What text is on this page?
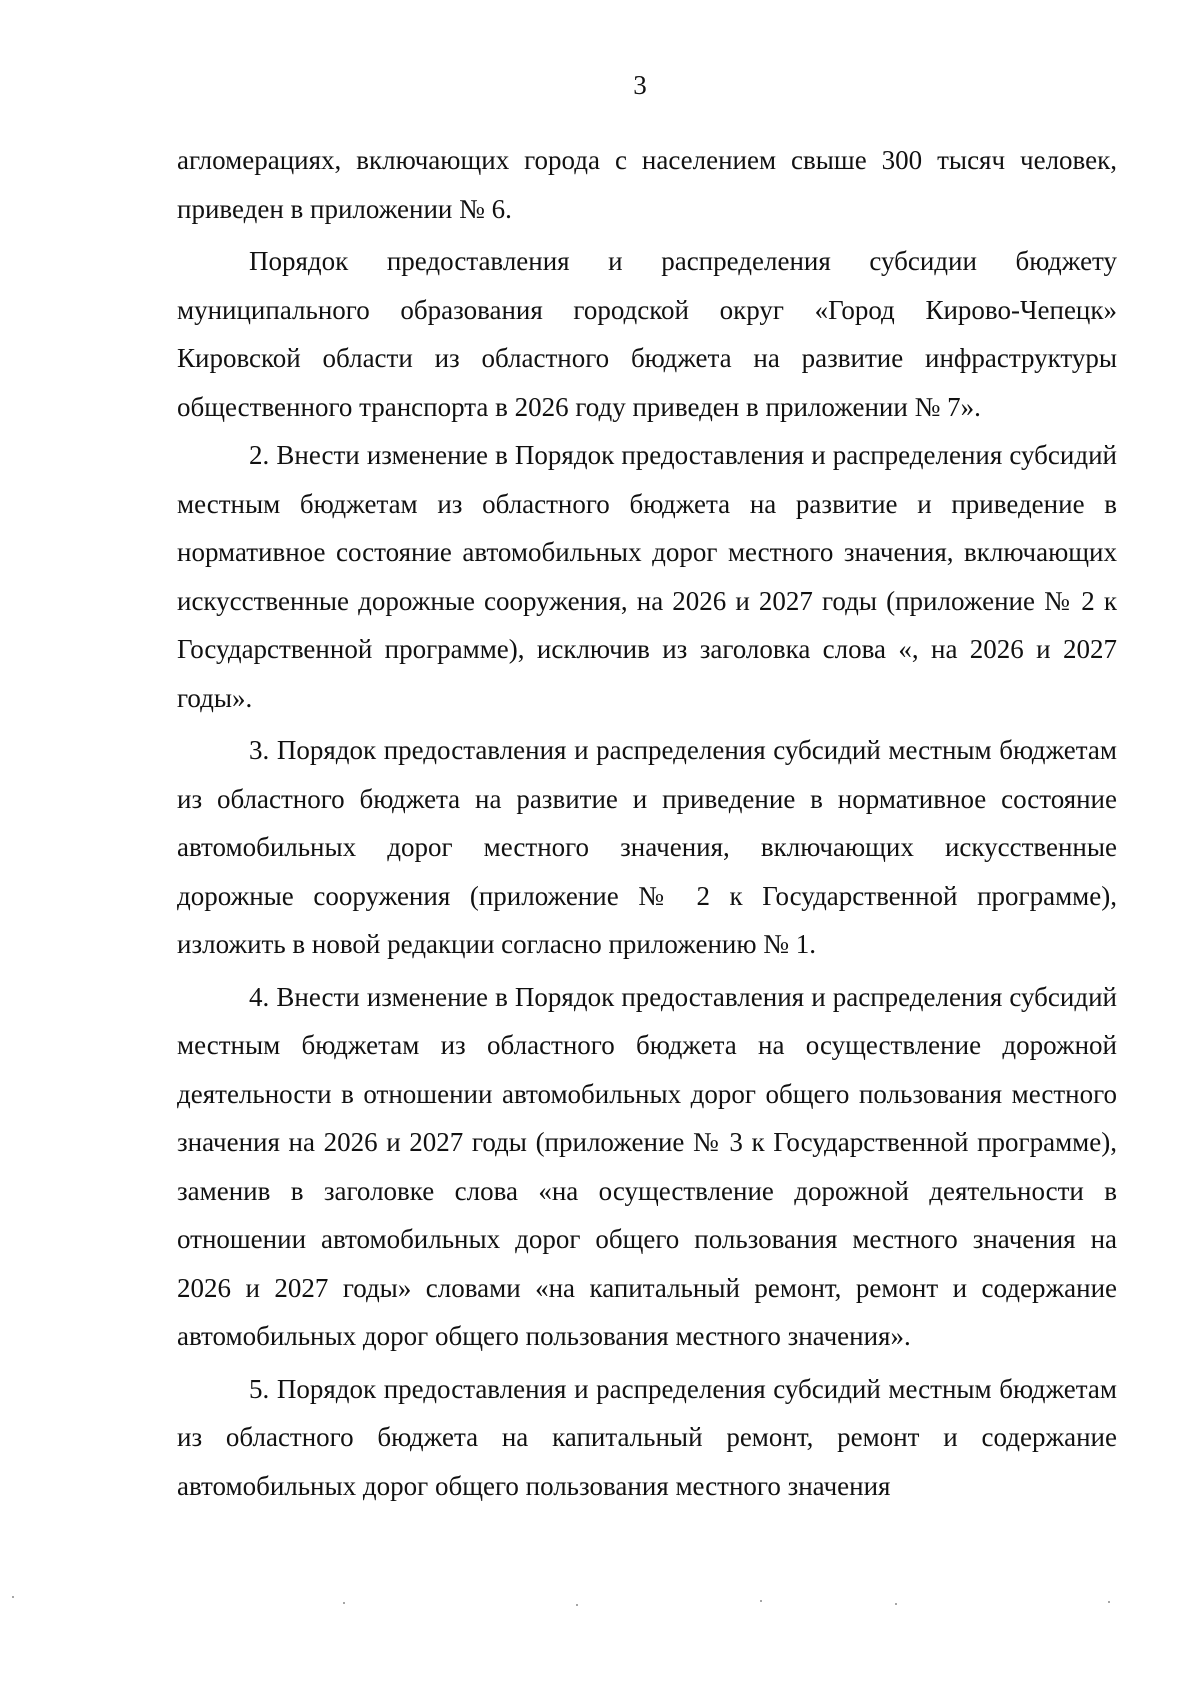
3

агломерациях, включающих города с населением свыше 300 тысяч человек, приведен в приложении № 6.

Порядок предоставления и распределения субсидии бюджету муниципального образования городской округ «Город Кирово-Чепецк» Кировской области из областного бюджета на развитие инфраструктуры общественного транспорта в 2026 году приведен в приложении № 7».

2. Внести изменение в Порядок предоставления и распределения субсидий местным бюджетам из областного бюджета на развитие и приведение в нормативное состояние автомобильных дорог местного значения, включающих искусственные дорожные сооружения, на 2026 и 2027 годы (приложение № 2 к Государственной программе), исключив из заголовка слова «, на 2026 и 2027 годы».

3. Порядок предоставления и распределения субсидий местным бюджетам из областного бюджета на развитие и приведение в нормативное состояние автомобильных дорог местного значения, включающих искусственные дорожные сооружения (приложение № 2 к Государственной программе), изложить в новой редакции согласно приложению № 1.

4. Внести изменение в Порядок предоставления и распределения субсидий местным бюджетам из областного бюджета на осуществление дорожной деятельности в отношении автомобильных дорог общего пользования местного значения на 2026 и 2027 годы (приложение № 3 к Государственной программе), заменив в заголовке слова «на осуществление дорожной деятельности в отношении автомобильных дорог общего пользования местного значения на 2026 и 2027 годы» словами «на капитальный ремонт, ремонт и содержание автомобильных дорог общего пользования местного значения».

5. Порядок предоставления и распределения субсидий местным бюджетам из областного бюджета на капитальный ремонт, ремонт и содержание автомобильных дорог общего пользования местного значения
